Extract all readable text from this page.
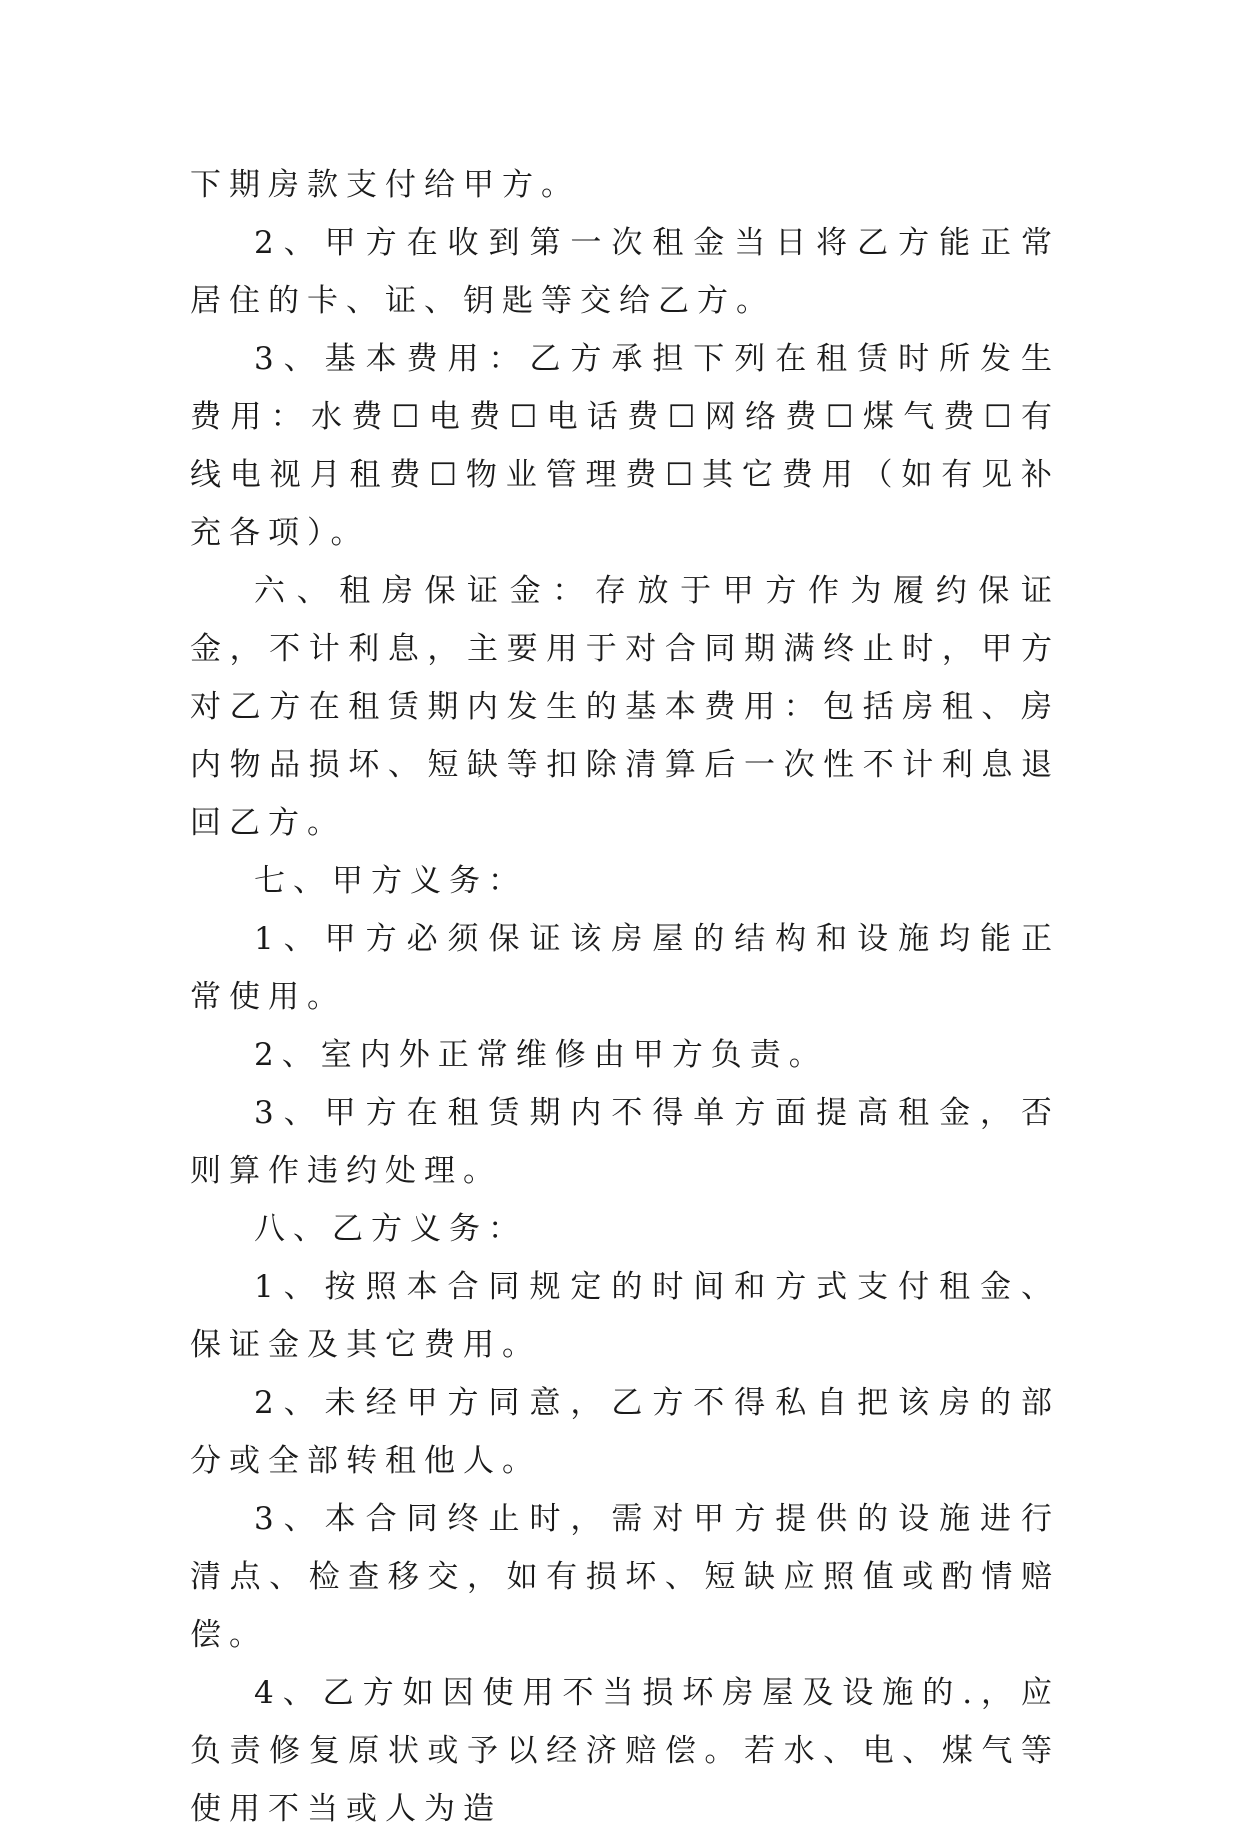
下期房款支付给甲方。

2、甲方在收到第一次租金当日将乙方能正常居住的卡、证、钥匙等交给乙方。

3、基本费用：乙方承担下列在租赁时所发生费用：水费☐电费☐电话费☐网络费☐煤气费☐有线电视月租费☐物业管理费☐其它费用（如有见补充各项）。

六、租房保证金：存放于甲方作为履约保证金，不计利息，主要用于对合同期满终止时，甲方对乙方在租赁期内发生的基本费用：包括房租、房内物品损坏、短缺等扣除清算后一次性不计利息退回乙方。

七、甲方义务：

1、甲方必须保证该房屋的结构和设施均能正常使用。

2、室内外正常维修由甲方负责。

3、甲方在租赁期内不得单方面提高租金，否则算作违约处理。

八、乙方义务：

1、按照本合同规定的时间和方式支付租金、保证金及其它费用。

2、未经甲方同意，乙方不得私自把该房的部分或全部转租他人。

3、本合同终止时，需对甲方提供的设施进行清点、检查移交，如有损坏、短缺应照值或酌情赔偿。

4、乙方如因使用不当损坏房屋及设施的.，应负责修复原状或予以经济赔偿。若水、电、煤气等使用不当或人为造
